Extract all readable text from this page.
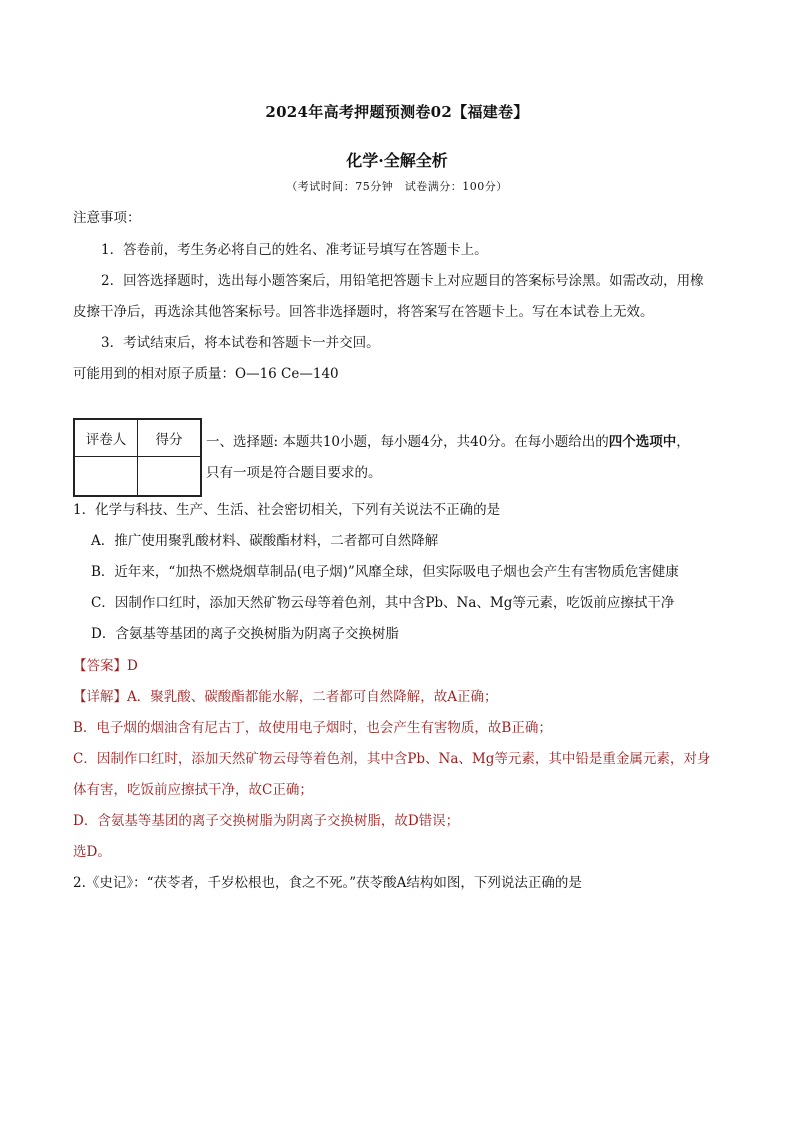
2024年高考押题预测卷02【福建卷】
化学·全解全析
（考试时间：75分钟　试卷满分：100分）
注意事项：
1．答卷前，考生务必将自己的姓名、准考证号填写在答题卡上。
2．回答选择题时，选出每小题答案后，用铅笔把答题卡上对应题目的答案标号涂黑。如需改动，用橡
皮擦干净后，再选涂其他答案标号。回答非选择题时，将答案写在答题卡上。写在本试卷上无效。
3．考试结束后，将本试卷和答题卡一并交回。
可能用到的相对原子质量：O—16 Ce—140
评卷人	得分
	一、选择题: 本题共10小题，每小题4分，共40分。在每小题给出的四个选项中，
只有一项是符合题目要求的。
1．化学与科技、生产、生活、社会密切相关，下列有关说法不正确的是
A．推广使用聚乳酸材料、碳酸酯材料，二者都可自然降解
B．近年来，“加热不燃烧烟草制品(电子烟)”风靡全球，但实际吸电子烟也会产生有害物质危害健康
C．因制作口红时，添加天然矿物云母等着色剂，其中含Pb、Na、Mg等元素，吃饭前应擦拭干净
D．含氨基等基团的离子交换树脂为阴离子交换树脂
【答案】D
【详解】A．聚乳酸、碳酸酯都能水解，二者都可自然降解，故A正确；
B．电子烟的烟油含有尼古丁，故使用电子烟时，也会产生有害物质，故B正确；
C．因制作口红时，添加天然矿物云母等着色剂，其中含Pb、Na、Mg等元素，其中铅是重金属元素，对身
体有害，吃饭前应擦拭干净，故C正确；
D．含氨基等基团的离子交换树脂为阴离子交换树脂，故D错误；
选D。
2.《史记》：“茯苓者，千岁松根也，食之不死。”茯苓酸A结构如图，下列说法正确的是
